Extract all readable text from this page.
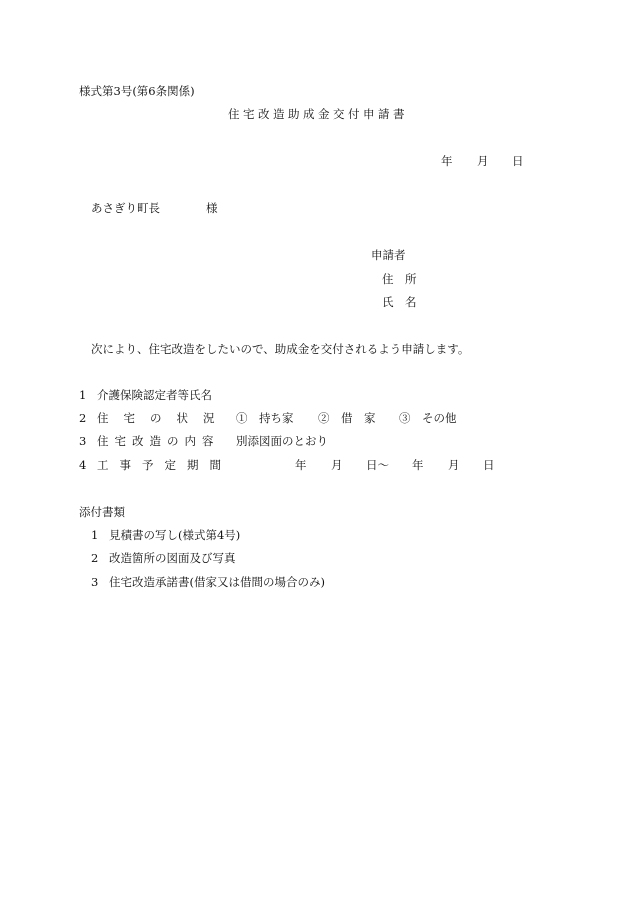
様式第3号(第6条関係)
住宅改造助成金交付申請書
年 月 日
あさぎり町長	様
申請者
住　所
氏　名
次により、住宅改造をしたいので、助成金を交付されるよう申請します。
1 介護保険認定者等氏名
2 住宅の状況 ①　持ち家 ②　借　家 ③　その他
3 住宅改造の内容 別添図面のとおり
4 工事予定期間	年 月 日〜 年 月 日
添付書類
1 見積書の写し(様式第4号)
2 改造箇所の図面及び写真
3 住宅改造承諾書(借家又は借間の場合のみ)
